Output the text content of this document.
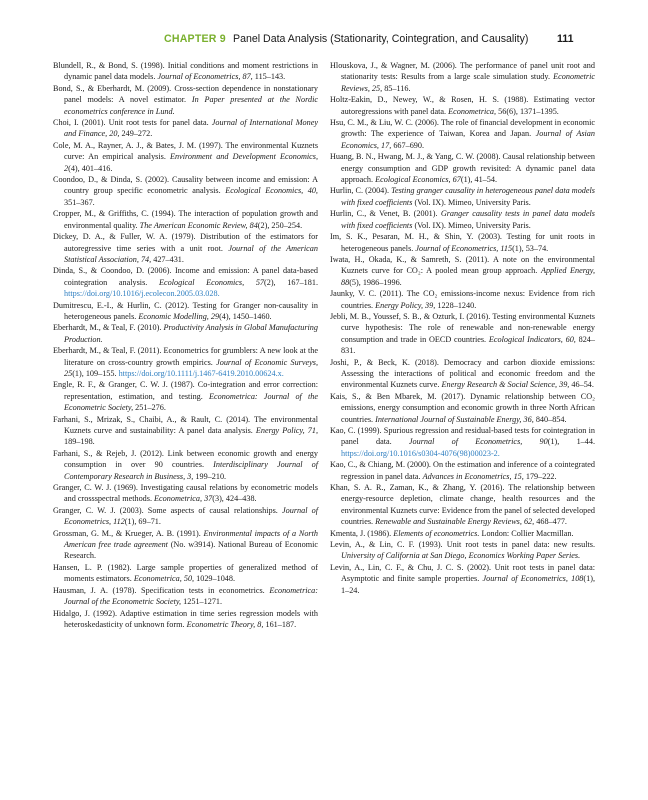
CHAPTER 9 Panel Data Analysis (Stationarity, Cointegration, and Causality)	111

Blundell, R., & Bond, S. (1998). Initial conditions and moment restrictions in dynamic panel data models. Journal of Econometrics, 87, 115–143.

Bond, S., & Eberhardt, M. (2009). Cross-section dependence in nonstationary panel models: A novel estimator. In Paper presented at the Nordic econometrics conference in Lund.

Choi, I. (2001). Unit root tests for panel data. Journal of International Money and Finance, 20, 249–272.

Cole, M. A., Rayner, A. J., & Bates, J. M. (1997). The environmental Kuznets curve: An empirical analysis. Environment and Development Economics, 2(4), 401–416.

Coondoo, D., & Dinda, S. (2002). Causality between income and emission: A country group specific econometric analysis. Ecological Economics, 40, 351–367.

Cropper, M., & Griffiths, C. (1994). The interaction of population growth and environmental quality. The American Economic Review, 84(2), 250–254.

Dickey, D. A., & Fuller, W. A. (1979). Distribution of the estimators for autoregressive time series with a unit root. Journal of the American Statistical Association, 74, 427–431.

Dinda, S., & Coondoo, D. (2006). Income and emission: A panel data-based cointegration analysis. Ecological Economics, 57(2), 167–181. https://doi.org/10.1016/j.ecolecon.2005.03.028.

Dumitrescu, E.-I., & Hurlin, C. (2012). Testing for Granger non-causality in heterogeneous panels. Economic Modelling, 29(4), 1450–1460.

Eberhardt, M., & Teal, F. (2010). Productivity Analysis in Global Manufacturing Production.

Eberhardt, M., & Teal, F. (2011). Econometrics for grumblers: A new look at the literature on cross-country growth empirics. Journal of Economic Surveys, 25(1), 109–155. https://doi.org/10.1111/j.1467-6419.2010.00624.x.

Engle, R. F., & Granger, C. W. J. (1987). Co-integration and error correction: representation, estimation, and testing. Econometrica: Journal of the Econometric Society, 251–276.

Farhani, S., Mrizak, S., Chaibi, A., & Rault, C. (2014). The environmental Kuznets curve and sustainability: A panel data analysis. Energy Policy, 71, 189–198.

Farhani, S., & Rejeb, J. (2012). Link between economic growth and energy consumption in over 90 countries. Interdisciplinary Journal of Contemporary Research in Business, 3, 199–210.

Granger, C. W. J. (1969). Investigating causal relations by econometric models and crossspectral methods. Econometrica, 37(3), 424–438.

Granger, C. W. J. (2003). Some aspects of causal relationships. Journal of Econometrics, 112(1), 69–71.

Grossman, G. M., & Krueger, A. B. (1991). Environmental impacts of a North American free trade agreement (No. w3914). National Bureau of Economic Research.

Hansen, L. P. (1982). Large sample properties of generalized method of moments estimators. Econometrica, 50, 1029–1048.

Hausman, J. A. (1978). Specification tests in econometrics. Econometrica: Journal of the Econometric Society, 1251–1271.

Hidalgo, J. (1992). Adaptive estimation in time series regression models with heteroskedasticity of unknown form. Econometric Theory, 8, 161–187.

Hlouskova, J., & Wagner, M. (2006). The performance of panel unit root and stationarity tests: Results from a large scale simulation study. Econometric Reviews, 25, 85–116.

Holtz-Eakin, D., Newey, W., & Rosen, H. S. (1988). Estimating vector autoregressions with panel data. Econometrica, 56(6), 1371–1395.

Hsu, C. M., & Liu, W. C. (2006). The role of financial development in economic growth: The experience of Taiwan, Korea and Japan. Journal of Asian Economics, 17, 667–690.

Huang, B. N., Hwang, M. J., & Yang, C. W. (2008). Causal relationship between energy consumption and GDP growth revisited: A dynamic panel data approach. Ecological Economics, 67(1), 41–54.

Hurlin, C. (2004). Testing granger causality in heterogeneous panel data models with fixed coefficients (Vol. IX). Mimeo, University Paris.

Hurlin, C., & Venet, B. (2001). Granger causality tests in panel data models with fixed coefficients (Vol. IX). Mimeo, University Paris.

Im, S. K., Pesaran, M. H., & Shin, Y. (2003). Testing for unit roots in heterogeneous panels. Journal of Econometrics, 115(1), 53–74.

Iwata, H., Okada, K., & Samreth, S. (2011). A note on the environmental Kuznets curve for CO₂: A pooled mean group approach. Applied Energy, 88(5), 1986–1996.

Jaunky, V. C. (2011). The CO₂ emissions-income nexus: Evidence from rich countries. Energy Policy, 39, 1228–1240.

Jebli, M. B., Youssef, S. B., & Ozturk, I. (2016). Testing environmental Kuznets curve hypothesis: The role of renewable and non-renewable energy consumption and trade in OECD countries. Ecological Indicators, 60, 824–831.

Joshi, P., & Beck, K. (2018). Democracy and carbon dioxide emissions: Assessing the interactions of political and economic freedom and the environmental Kuznets curve. Energy Research & Social Science, 39, 46–54.

Kais, S., & Ben Mbarek, M. (2017). Dynamic relationship between CO₂ emissions, energy consumption and economic growth in three North African countries. International Journal of Sustainable Energy, 36, 840–854.

Kao, C. (1999). Spurious regression and residual-based tests for cointegration in panel data. Journal of Econometrics, 90(1), 1–44. https://doi.org/10.1016/s0304-4076(98)00023-2.

Kao, C., & Chiang, M. (2000). On the estimation and inference of a cointegrated regression in panel data. Advances in Econometrics, 15, 179–222.

Khan, S. A. R., Zaman, K., & Zhang, Y. (2016). The relationship between energy-resource depletion, climate change, health resources and the environmental Kuznets curve: Evidence from the panel of selected developed countries. Renewable and Sustainable Energy Reviews, 62, 468–477.

Kmenta, J. (1986). Elements of econometrics. London: Collier Macmillan.

Levin, A., & Lin, C. F. (1993). Unit root tests in panel data: new results. University of California at San Diego, Economics Working Paper Series.

Levin, A., Lin, C. F., & Chu, J. C. S. (2002). Unit root tests in panel data: Asymptotic and finite sample properties. Journal of Econometrics, 108(1), 1–24.
